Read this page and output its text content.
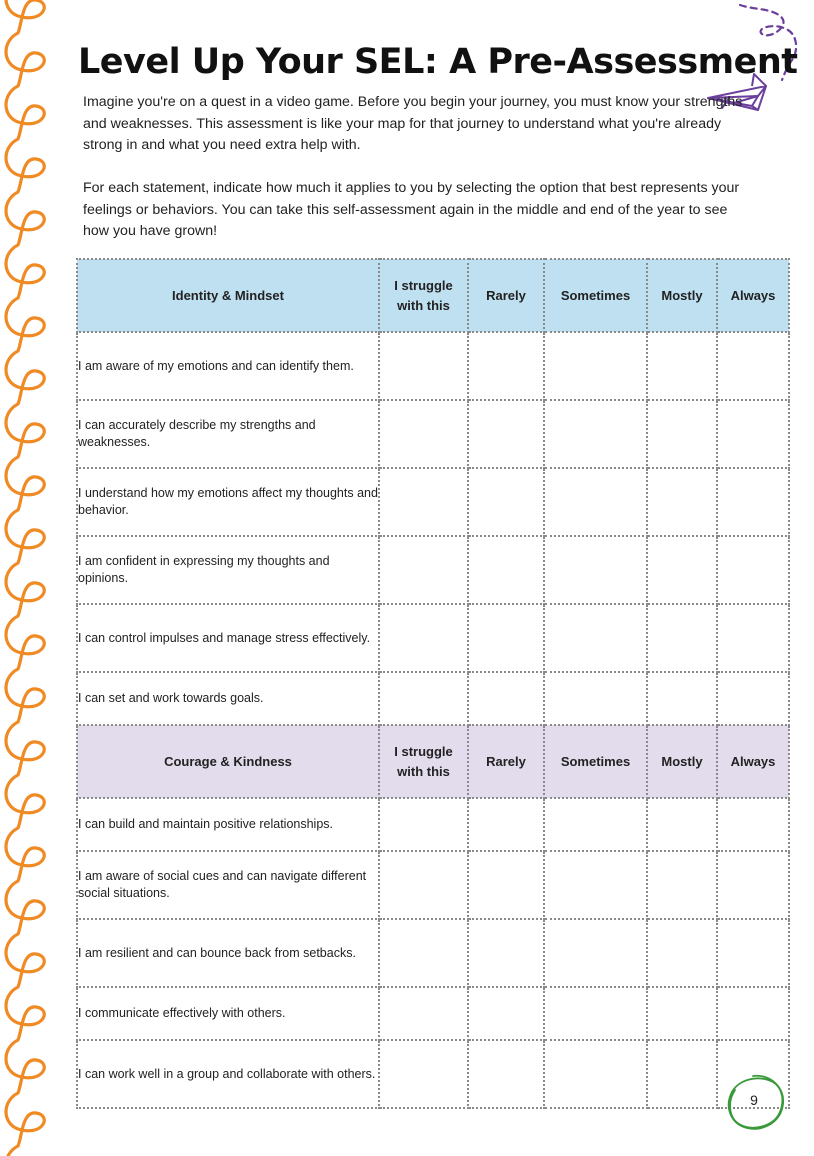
Level Up Your SEL: A Pre-Assessment

Imagine you're on a quest in a video game. Before you begin your journey, you must know your strengths and weaknesses. This assessment is like your map for that journey to understand what you're already strong in and what you need extra help with.

For each statement, indicate how much it applies to you by selecting the option that best represents your feelings or behaviors. You can take this self-assessment again in the middle and end of the year to see how you have grown!

Identity & Mindset	I struggle with this	Rarely	Sometimes	Mostly	Always
I am aware of my emotions and can identify them.					
I can accurately describe my strengths and weaknesses.					
I understand how my emotions affect my thoughts and behavior.					
I am confident in expressing my thoughts and opinions.					
I can control impulses and manage stress effectively.					
I can set and work towards goals.					
Courage & Kindness	I struggle with this	Rarely	Sometimes	Mostly	Always
I can build and maintain positive relationships.					
I am aware of social cues and can navigate different social situations.					
I am resilient and can bounce back from setbacks.					
I communicate effectively with others.					
I can work well in a group and collaborate with others.					
9
